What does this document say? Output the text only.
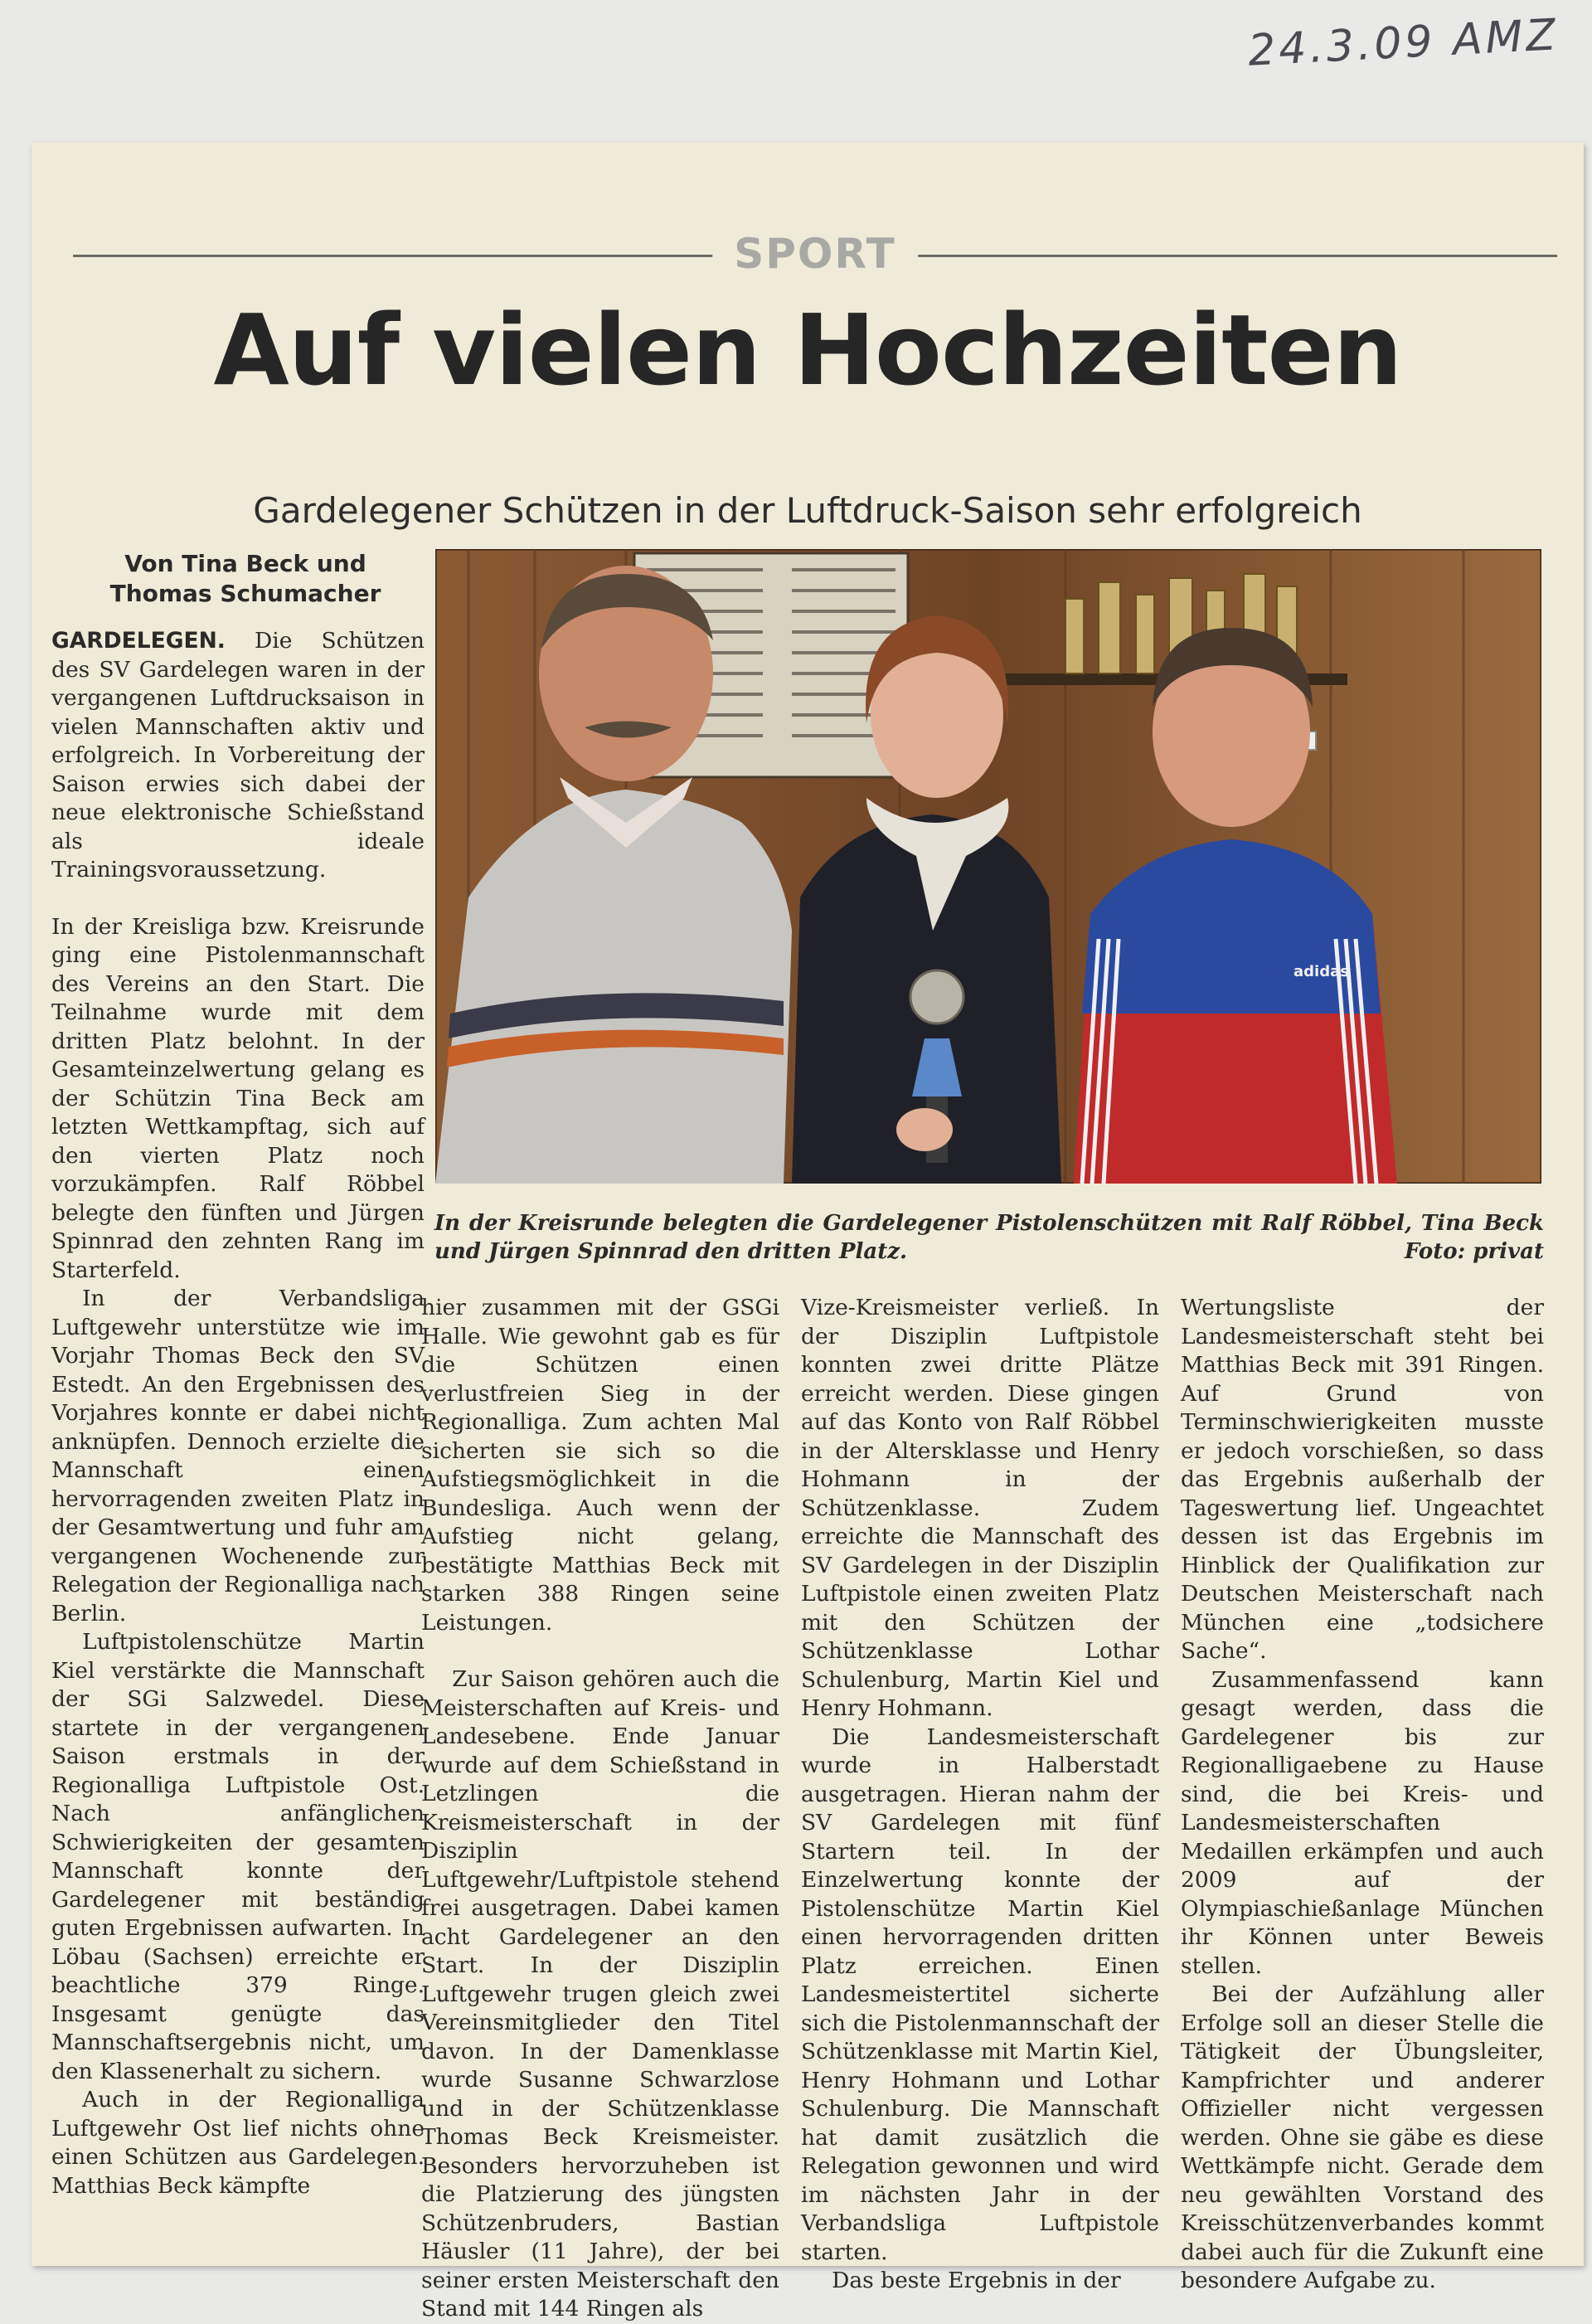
24.3.09 AMZ
SPORT
Auf vielen Hochzeiten
Gardelegener Schützen in der Luftdruck-Saison sehr erfolgreich
Von Tina Beck und
Thomas Schumacher

GARDELEGEN. Die Schützen des SV Gardelegen waren in der vergangenen Luftdrucksaison in vielen Mannschaften aktiv und erfolgreich. In Vorbereitung der Saison erwies sich dabei der neue elektronische Schießstand als ideale Trainingsvoraussetzung.

In der Kreisliga bzw. Kreisrunde ging eine Pistolenmannschaft des Vereins an den Start. Die Teilnahme wurde mit dem dritten Platz belohnt. In der Gesamteinzelwertung gelang es der Schützin Tina Beck am letzten Wettkampftag, sich auf den vierten Platz noch vorzukämpfen. Ralf Röbbel belegte den fünften und Jürgen Spinnrad den zehnten Rang im Starterfeld.

In der Verbandsliga Luftgewehr unterstütze wie im Vorjahr Thomas Beck den SV Estedt. An den Ergebnissen des Vorjahres konnte er dabei nicht anknüpfen. Dennoch erzielte die Mannschaft einen hervorragenden zweiten Platz in der Gesamtwertung und fuhr am vergangenen Wochenende zur Relegation der Regionalliga nach Berlin.

Luftpistolenschütze Martin Kiel verstärkte die Mannschaft der SGi Salzwedel. Diese startete in der vergangenen Saison erstmals in der Regionalliga Luftpistole Ost. Nach anfänglichen Schwierigkeiten der gesamten Mannschaft konnte der Gardelegener mit beständig guten Ergebnissen aufwarten. In Löbau (Sachsen) erreichte er beachtliche 379 Ringe. Insgesamt genügte das Mannschaftsergebnis nicht, um den Klassenerhalt zu sichern.

Auch in der Regionalliga Luftgewehr Ost lief nichts ohne einen Schützen aus Gardelegen. Matthias Beck kämpfte

adidas
In der Kreisrunde belegten die Gardelegener Pistolenschützen mit Ralf Röbbel, Tina Beck und Jürgen Spinnrad den dritten Platz.	Foto: privat

hier zusammen mit der GSGi Halle. Wie gewohnt gab es für die Schützen einen verlustfreien Sieg in der Regionalliga. Zum achten Mal sicherten sie sich so die Aufstiegsmöglichkeit in die Bundesliga. Auch wenn der Aufstieg nicht gelang, bestätigte Matthias Beck mit starken 388 Ringen seine Leistungen.

Zur Saison gehören auch die Meisterschaften auf Kreis- und Landesebene. Ende Januar wurde auf dem Schießstand in Letzlingen die Kreismeisterschaft in der Disziplin Luftgewehr/Luftpistole stehend frei ausgetragen. Dabei kamen acht Gardelegener an den Start. In der Disziplin Luftgewehr trugen gleich zwei Vereinsmitglieder den Titel davon. In der Damenklasse wurde Susanne Schwarzlose und in der Schützenklasse Thomas Beck Kreismeister. Besonders hervorzuheben ist die Platzierung des jüngsten Schützenbruders, Bastian Häusler (11 Jahre), der bei seiner ersten Meisterschaft den Stand mit 144 Ringen als

Vize-Kreismeister verließ. In der Disziplin Luftpistole konnten zwei dritte Plätze erreicht werden. Diese gingen auf das Konto von Ralf Röbbel in der Altersklasse und Henry Hohmann in der Schützenklasse. Zudem erreichte die Mannschaft des SV Gardelegen in der Disziplin Luftpistole einen zweiten Platz mit den Schützen der Schützenklasse Lothar Schulenburg, Martin Kiel und Henry Hohmann.

Die Landesmeisterschaft wurde in Halberstadt ausgetragen. Hieran nahm der SV Gardelegen mit fünf Startern teil. In der Einzelwertung konnte der Pistolenschütze Martin Kiel einen hervorragenden dritten Platz erreichen. Einen Landesmeistertitel sicherte sich die Pistolenmannschaft der Schützenklasse mit Martin Kiel, Henry Hohmann und Lothar Schulenburg. Die Mannschaft hat damit zusätzlich die Relegation gewonnen und wird im nächsten Jahr in der Verbandsliga Luftpistole starten.

Das beste Ergebnis in der

Wertungsliste der Landesmeisterschaft steht bei Matthias Beck mit 391 Ringen. Auf Grund von Terminschwierigkeiten musste er jedoch vorschießen, so dass das Ergebnis außerhalb der Tageswertung lief. Ungeachtet dessen ist das Ergebnis im Hinblick der Qualifikation zur Deutschen Meisterschaft nach München eine „todsichere Sache“.

Zusammenfassend kann gesagt werden, dass die Gardelegener bis zur Regionalligaebene zu Hause sind, die bei Kreis- und Landesmeisterschaften Medaillen erkämpfen und auch 2009 auf der Olympiaschießanlage München ihr Können unter Beweis stellen.

Bei der Aufzählung aller Erfolge soll an dieser Stelle die Tätigkeit der Übungsleiter, Kampfrichter und anderer Offizieller nicht vergessen werden. Ohne sie gäbe es diese Wettkämpfe nicht. Gerade dem neu gewählten Vorstand des Kreisschützenverbandes kommt dabei auch für die Zukunft eine besondere Aufgabe zu.
